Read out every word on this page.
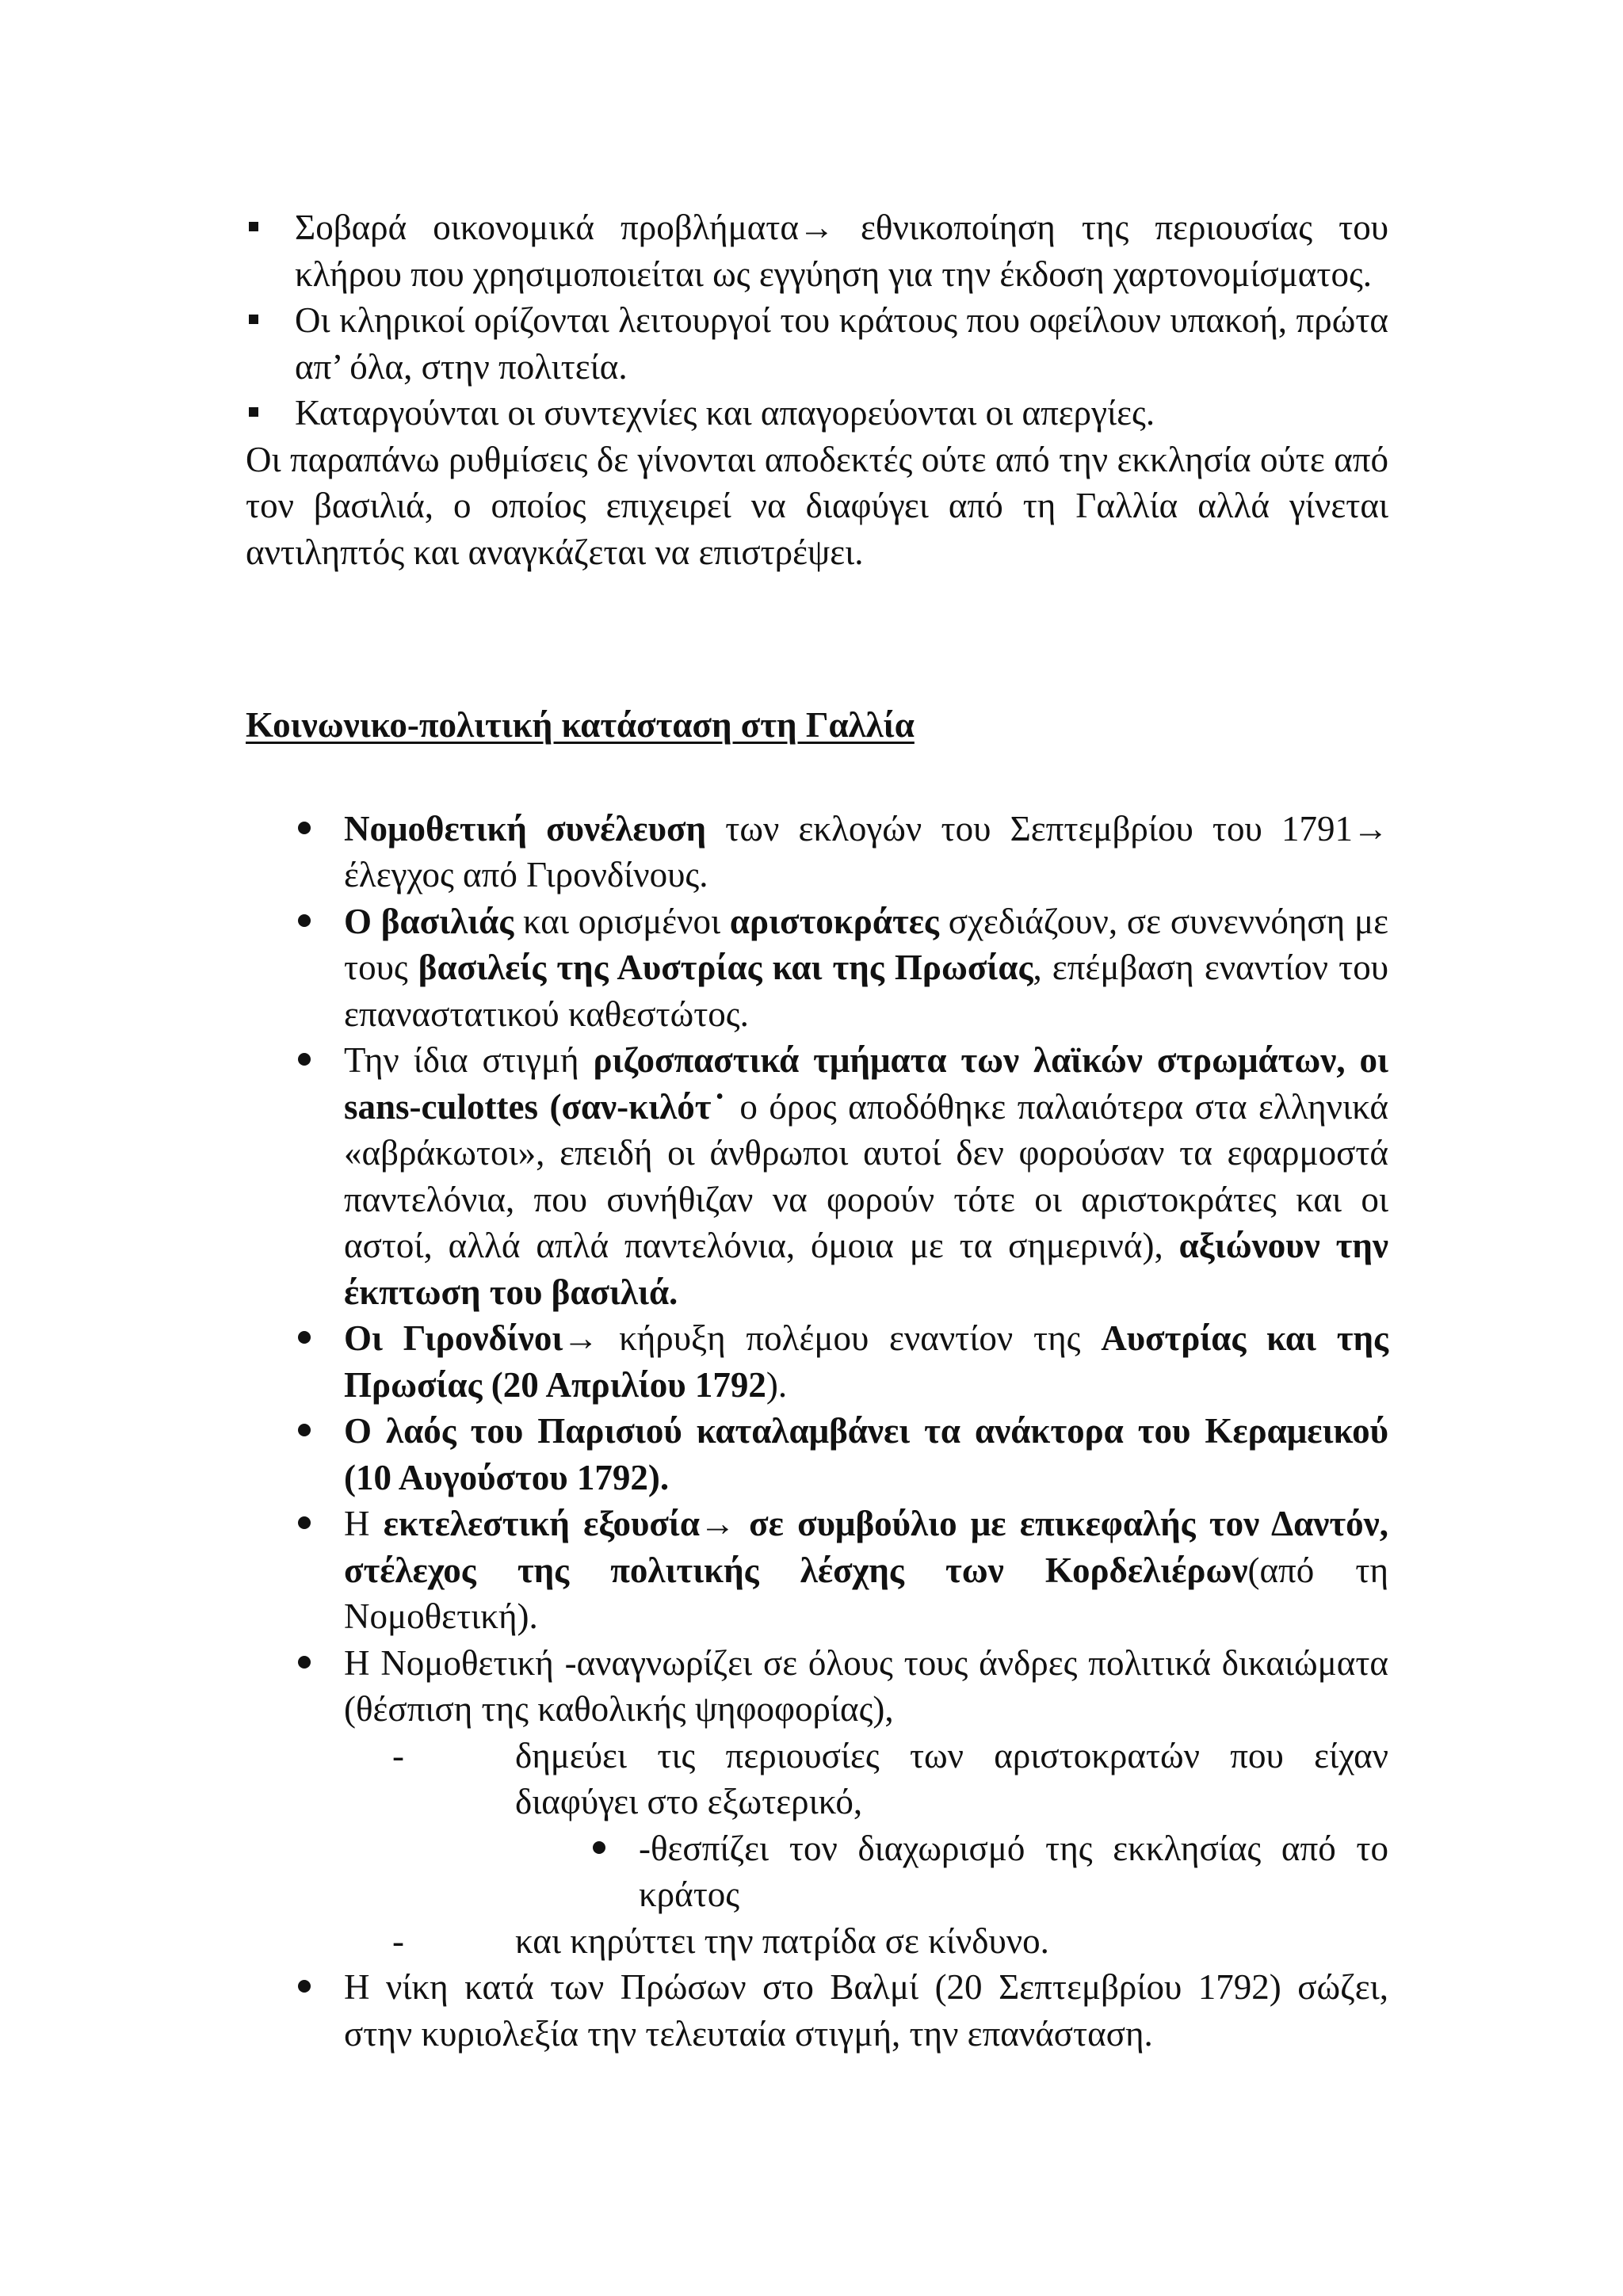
Σοβαρά οικονομικά προβλήματα→ εθνικοποίηση της περιουσίας του κλήρου που χρησιμοποιείται ως εγγύηση για την έκδοση χαρτονομίσματος.
Οι κληρικοί ορίζονται λειτουργοί του κράτους που οφείλουν υπακοή, πρώτα απ’ όλα, στην πολιτεία.
Καταργούνται οι συντεχνίες και απαγορεύονται οι απεργίες.

Οι παραπάνω ρυθμίσεις δε γίνονται αποδεκτές ούτε από την εκκλησία ούτε από τον βασιλιά, ο οποίος επιχειρεί να διαφύγει από τη Γαλλία αλλά γίνεται αντιληπτός και αναγκάζεται να επιστρέψει.

Κοινωνικο-πολιτική κατάσταση στη Γαλλία
Νομοθετική συνέλευση των εκλογών του Σεπτεμβρίου του 1791→ έλεγχος από Γιρονδίνους.
Ο βασιλιάς και ορισμένοι αριστοκράτες σχεδιάζουν, σε συνεννόηση με τους βασιλείς της Αυστρίας και της Πρωσίας, επέμβαση εναντίον του επαναστατικού καθεστώτος.
Την ίδια στιγμή ριζοσπαστικά τμήματα των λαϊκών στρωμάτων, οι sans-culottes (σαν-κιλότ˙ ο όρος αποδόθηκε παλαιότερα στα ελληνικά «αβράκωτοι», επειδή οι άνθρωποι αυτοί δεν φορούσαν τα εφαρμοστά παντελόνια, που συνήθιζαν να φορούν τότε οι αριστοκράτες και οι αστοί, αλλά απλά παντελόνια, όμοια με τα σημερινά), αξιώνουν την έκπτωση του βασιλιά.
Οι Γιρονδίνοι→ κήρυξη πολέμου εναντίον της Αυστρίας και της Πρωσίας (20 Απριλίου 1792).
Ο λαός του Παρισιού καταλαμβάνει τα ανάκτορα του Κεραμεικού (10 Αυγούστου 1792).
Η εκτελεστική εξουσία→ σε συμβούλιο με επικεφαλής τον Δαντόν, στέλεχος της πολιτικής λέσχης των Κορδελιέρων(από τη Νομοθετική).
Η Νομοθετική -αναγνωρίζει σε όλους τους άνδρες πολιτικά δικαιώματα (θέσπιση της καθολικής ψηφοφορίας),
-	δημεύει τις περιουσίες των αριστοκρατών που είχαν διαφύγει στο εξωτερικό,
-θεσπίζει τον διαχωρισμό της εκκλησίας από το κράτος
-	και κηρύττει την πατρίδα σε κίνδυνο.
Η νίκη κατά των Πρώσων στο Βαλμί (20 Σεπτεμβρίου 1792) σώζει, στην κυριολεξία την τελευταία στιγμή, την επανάσταση.
